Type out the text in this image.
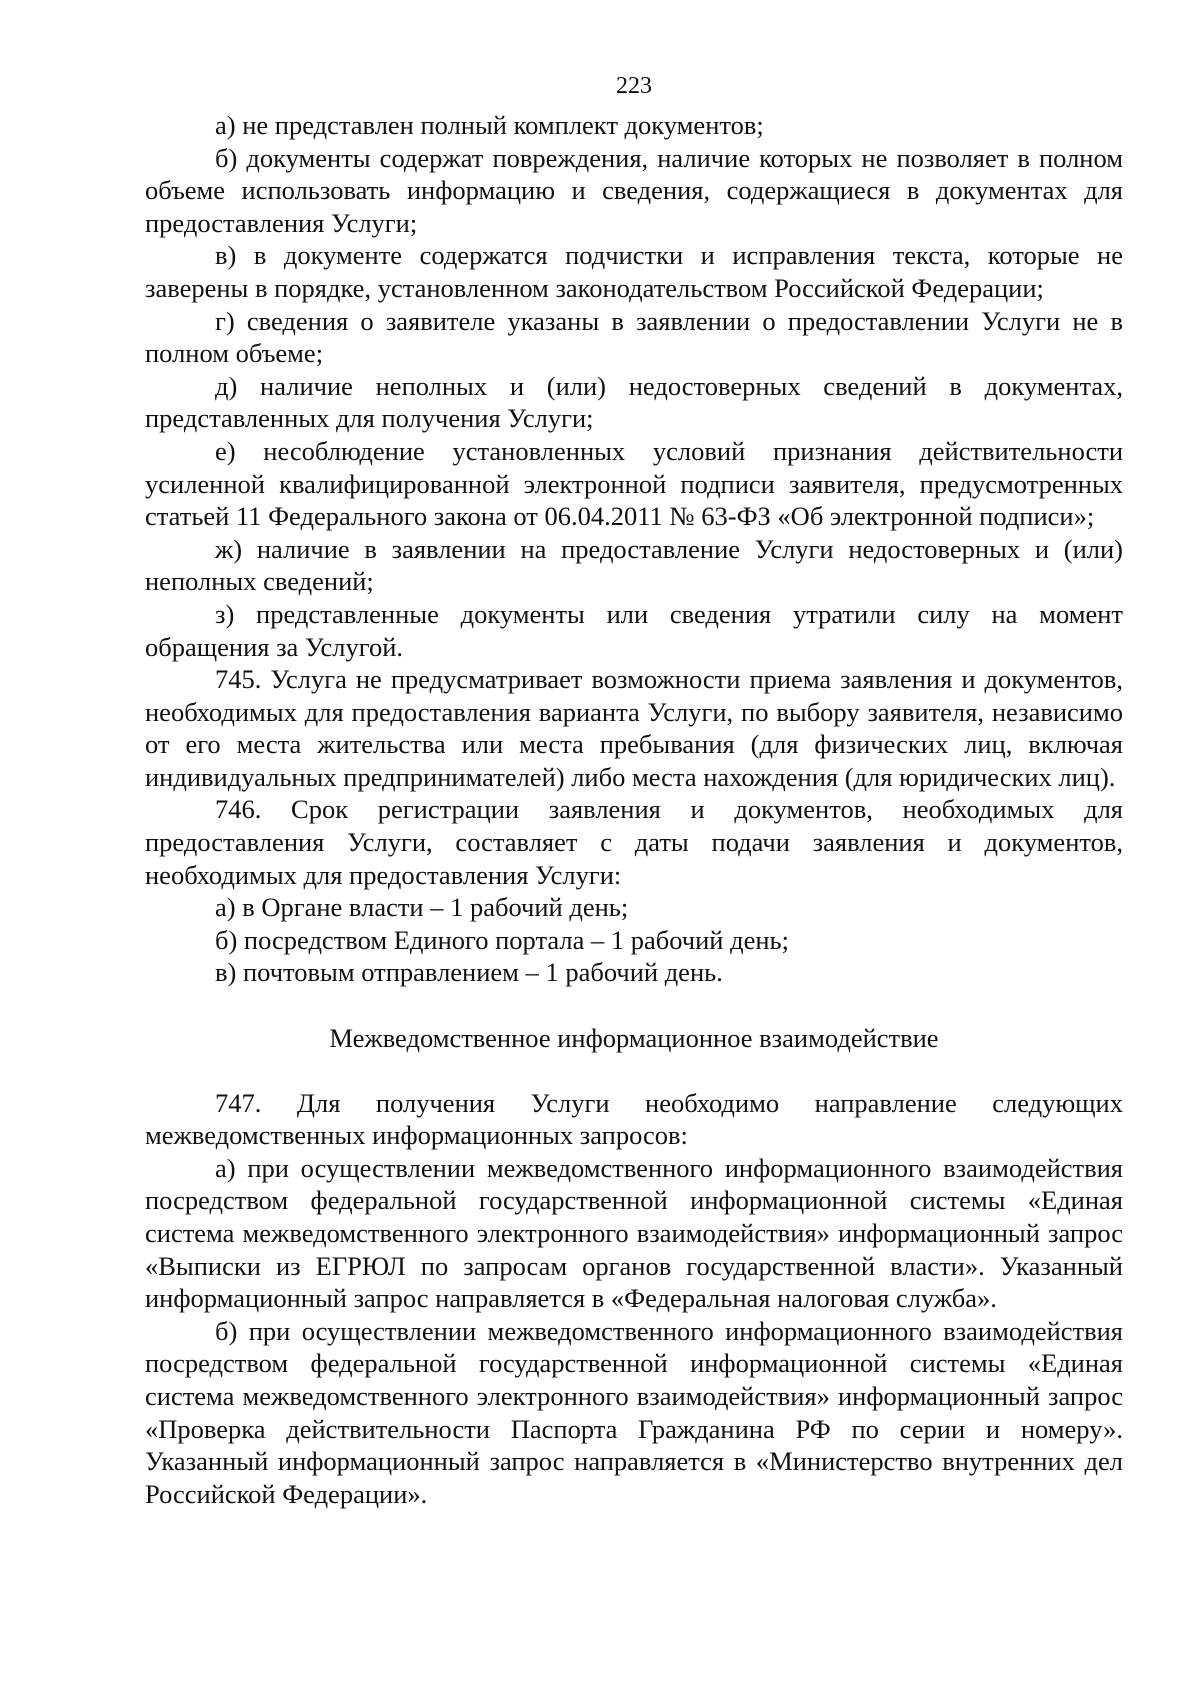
223

а) не представлен полный комплект документов;

б) документы содержат повреждения, наличие которых не позволяет в полном объеме использовать информацию и сведения, содержащиеся в документах для предоставления Услуги;

в) в документе содержатся подчистки и исправления текста, которые не заверены в порядке, установленном законодательством Российской Федерации;

г) сведения о заявителе указаны в заявлении о предоставлении Услуги не в полном объеме;

д) наличие неполных и (или) недостоверных сведений в документах, представленных для получения Услуги;

е) несоблюдение установленных условий признания действительности усиленной квалифицированной электронной подписи заявителя, предусмотренных статьей 11 Федерального закона от 06.04.2011 № 63-ФЗ «Об электронной подписи»;

ж) наличие в заявлении на предоставление Услуги недостоверных и (или) неполных сведений;

з) представленные документы или сведения утратили силу на момент обращения за Услугой.

745. Услуга не предусматривает возможности приема заявления и документов, необходимых для предоставления варианта Услуги, по выбору заявителя, независимо от его места жительства или места пребывания (для физических лиц, включая индивидуальных предпринимателей) либо места нахождения (для юридических лиц).

746. Срок регистрации заявления и документов, необходимых для предоставления Услуги, составляет с даты подачи заявления и документов, необходимых для предоставления Услуги:

а) в Органе власти – 1 рабочий день;

б) посредством Единого портала – 1 рабочий день;

в) почтовым отправлением – 1 рабочий день.

Межведомственное информационное взаимодействие

747. Для получения Услуги необходимо направление следующих межведомственных информационных запросов:

а) при осуществлении межведомственного информационного взаимодействия посредством федеральной государственной информационной системы «Единая система межведомственного электронного взаимодействия» информационный запрос «Выписки из ЕГРЮЛ по запросам органов государственной власти». Указанный информационный запрос направляется в «Федеральная налоговая служба».

б) при осуществлении межведомственного информационного взаимодействия посредством федеральной государственной информационной системы «Единая система межведомственного электронного взаимодействия» информационный запрос «Проверка действительности Паспорта Гражданина РФ по серии и номеру». Указанный информационный запрос направляется в «Министерство внутренних дел Российской Федерации».
